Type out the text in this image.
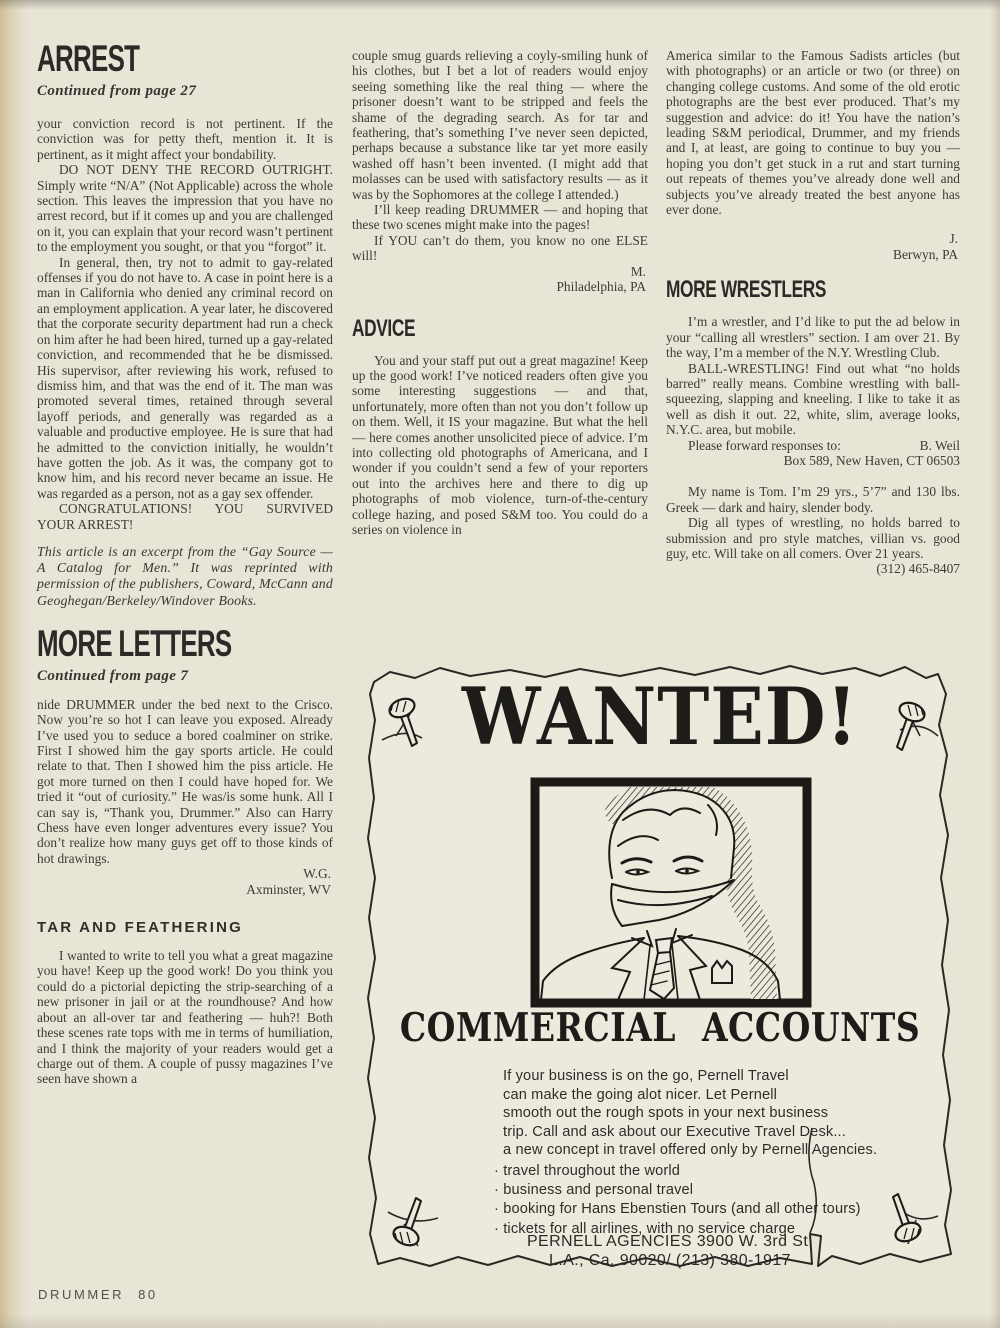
ARREST
Continued from page 27

your conviction record is not pertinent. If the conviction was for petty theft, mention it. It is pertinent, as it might affect your bondability.

DO NOT DENY THE RECORD OUTRIGHT. Simply write “N/A” (Not Applicable) across the whole section. This leaves the impression that you have no arrest record, but if it comes up and you are challenged on it, you can explain that your record wasn’t pertinent to the employment you sought, or that you “forgot” it.

In general, then, try not to admit to gay-related offenses if you do not have to. A case in point here is a man in California who denied any criminal record on an employment application. A year later, he discovered that the corporate security department had run a check on him after he had been hired, turned up a gay-related conviction, and recommended that he be dismissed. His supervisor, after reviewing his work, refused to dismiss him, and that was the end of it. The man was promoted several times, retained through several layoff periods, and generally was regarded as a valuable and productive employee. He is sure that had he admitted to the conviction initially, he wouldn’t have gotten the job. As it was, the company got to know him, and his record never became an issue. He was regarded as a person, not as a gay sex offender.

CONGRATULATIONS! YOU SURVIVED YOUR ARREST!

This article is an excerpt from the “Gay Source — A Catalog for Men.” It was reprinted with permission of the publishers, Coward, McCann and Geoghegan/Berkeley/Windover Books.

MORE LETTERS
Continued from page 7

nide DRUMMER under the bed next to the Crisco. Now you’re so hot I can leave you exposed. Already I’ve used you to seduce a bored coalminer on strike. First I showed him the gay sports article. He could relate to that. Then I showed him the piss article. He got more turned on then I could have hoped for. We tried it “out of curiosity.” He was/is some hunk. All I can say is, “Thank you, Drummer.” Also can Harry Chess have even longer adventures every issue? You don’t realize how many guys get off to those kinds of hot drawings.

W.G.
Axminster, WV
TAR AND FEATHERING

I wanted to write to tell you what a great magazine you have! Keep up the good work! Do you think you could do a pictorial depicting the strip-searching of a new prisoner in jail or at the roundhouse? And how about an all-over tar and feathering — huh?! Both these scenes rate tops with me in terms of humiliation, and I think the majority of your readers would get a charge out of them. A couple of pussy magazines I’ve seen have shown a

couple smug guards relieving a coyly-smiling hunk of his clothes, but I bet a lot of readers would enjoy seeing something like the real thing — where the prisoner doesn’t want to be stripped and feels the shame of the degrading search. As for tar and feathering, that’s something I’ve never seen depicted, perhaps because a substance like tar yet more easily washed off hasn’t been invented. (I might add that molasses can be used with satisfactory results — as it was by the Sophomores at the college I attended.)

I’ll keep reading DRUMMER — and hoping that these two scenes might make into the pages!

If YOU can’t do them, you know no one ELSE will!

M.
Philadelphia, PA
ADVICE

You and your staff put out a great magazine! Keep up the good work! I’ve noticed readers often give you some interesting suggestions — and that, unfortunately, more often than not you don’t follow up on them. Well, it IS your magazine. But what the hell — here comes another unsolicited piece of advice. I’m into collecting old photographs of Americana, and I wonder if you couldn’t send a few of your reporters out into the archives here and there to dig up photographs of mob violence, turn-of-the-century college hazing, and posed S&M too. You could do a series on violence in

America similar to the Famous Sadists articles (but with photographs) or an article or two (or three) on changing college customs. And some of the old erotic photographs are the best ever produced. That’s my suggestion and advice: do it! You have the nation’s leading S&M periodical, Drummer, and my friends and I, at least, are going to continue to buy you — hoping you don’t get stuck in a rut and start turning out repeats of themes you’ve already done well and subjects you’ve already treated the best anyone has ever done.

J.
Berwyn, PA
MORE WRESTLERS

I’m a wrestler, and I’d like to put the ad below in your “calling all wrestlers” section. I am over 21. By the way, I’m a member of the N.Y. Wrestling Club.

BALL-WRESTLING! Find out what “no holds barred” really means. Combine wrestling with ball-squeezing, slapping and kneeling. I like to take it as well as dish it out. 22, white, slim, average looks, N.Y.C. area, but mobile.

Please forward responses to:	B. Weil

Box 589, New Haven, CT 06503

My name is Tom. I’m 29 yrs., 5’7” and 130 lbs. Greek — dark and hairy, slender body.

Dig all types of wrestling, no holds barred to submission and pro style matches, villian vs. good guy, etc. Will take on all comers. Over 21 years.

(312) 465-8407

WANTED!
COMMERCIAL ACCOUNTS
If your business is on the go, Pernell Travel
can make the going alot nicer. Let Pernell
smooth out the rough spots in your next business
trip. Call and ask about our Executive Travel Desk...
a new concept in travel offered only by Pernell Agencies.
· travel throughout the world
· business and personal travel
· booking for Hans Ebenstien Tours (and all other tours)
· tickets for all airlines, with no service charge
PERNELL AGENCIES 3900 W. 3rd St.
L.A., Ca. 90020/ (213) 380-1917
DRUMMER 80
